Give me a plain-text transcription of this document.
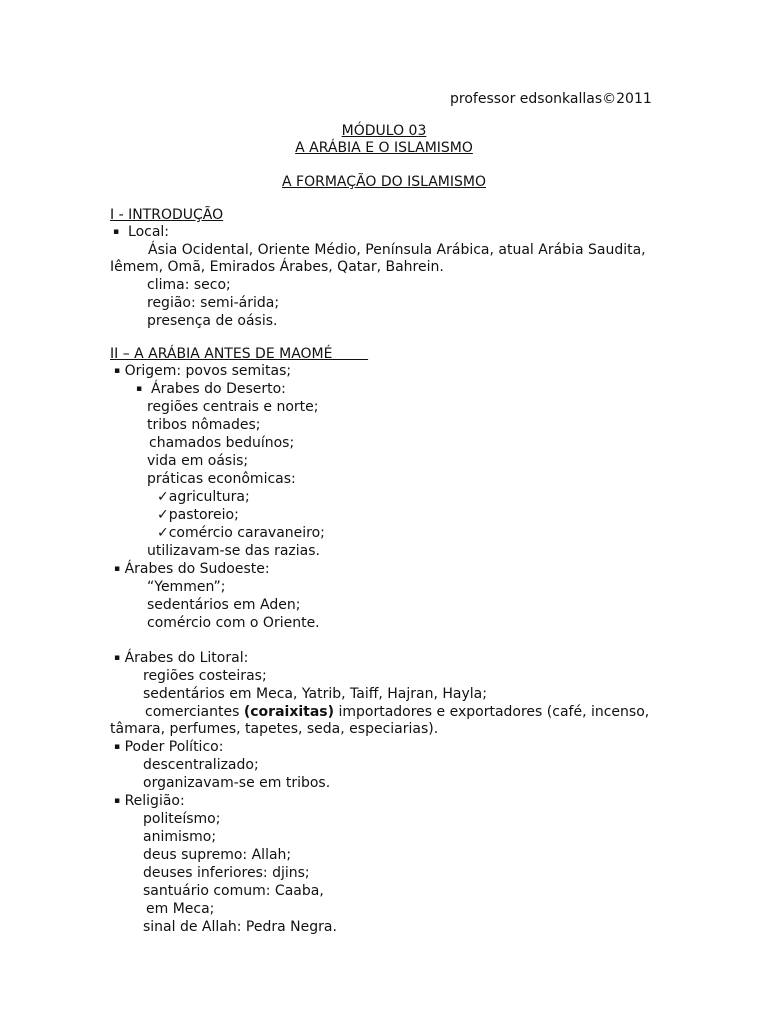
professor edsonkallas©2011
MÓDULO 03
A ARÁBIA E O ISLAMISMO
A FORMAÇÃO DO ISLAMISMO
I - INTRODUÇÃO
▪ Local:
Ásia Ocidental, Oriente Médio, Península Arábica, atual Arábia Saudita,
Iêmem, Omã, Emirados Árabes, Qatar, Bahrein.
clima: seco;
região: semi-árida;
presença de oásis.
II – A ARÁBIA ANTES DE MAOMÉ
▪ Origem: povos semitas;
▪ Árabes do Deserto:
regiões centrais e norte;
tribos nômades;
chamados beduínos;
vida em oásis;
práticas econômicas:
✓agricultura;
✓pastoreio;
✓comércio caravaneiro;
utilizavam-se das razias.
▪ Árabes do Sudoeste:
“Yemmen”;
sedentários em Aden;
comércio com o Oriente.
▪ Árabes do Litoral:
regiões costeiras;
sedentários em Meca, Yatrib, Taiff, Hajran, Hayla;
comerciantes (coraixitas) importadores e exportadores (café, incenso,
tâmara, perfumes, tapetes, seda, especiarias).
▪ Poder Político:
descentralizado;
organizavam-se em tribos.
▪ Religião:
politeísmo;
animismo;
deus supremo: Allah;
deuses inferiores: djins;
santuário comum: Caaba,
em Meca;
sinal de Allah: Pedra Negra.
